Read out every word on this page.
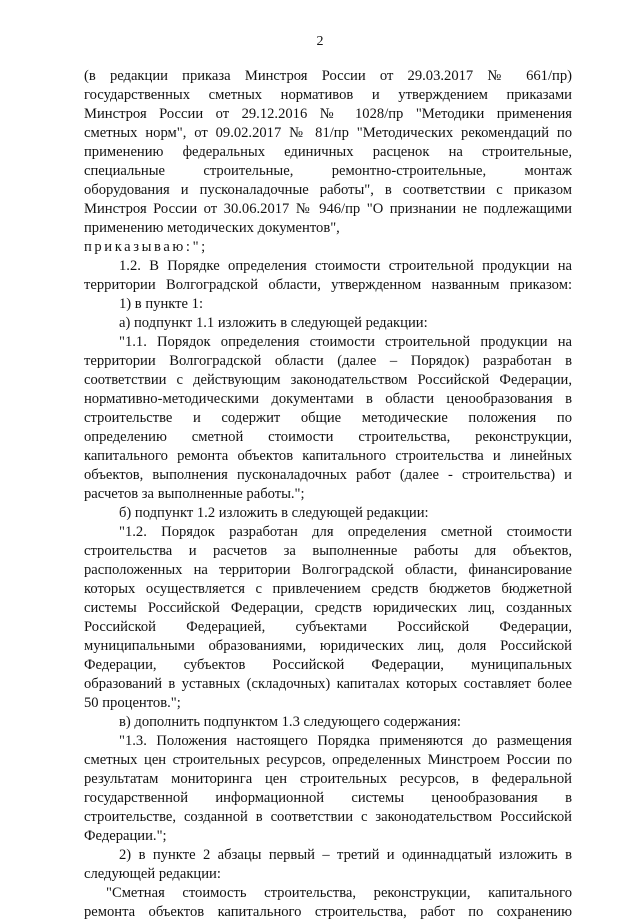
2
(в редакции приказа Минстроя России от 29.03.2017 № 661/пр)
государственных сметных нормативов и утверждением приказами
Минстроя России от 29.12.2016 № 1028/пр "Методики применения
сметных норм", от 09.02.2017 № 81/пр "Методических рекомендаций по
применению федеральных единичных расценок на строительные,
специальные строительные, ремонтно-строительные, монтаж
оборудования и пусконаладочные работы", в соответствии с приказом
Минстроя России от 30.06.2017 № 946/пр "О признании не подлежащими
применению методических документов",
приказываю:";
1.2. В Порядке определения стоимости строительной продукции на
территории Волгоградской области, утвержденном названным приказом:
1) в пункте 1:
а) подпункт 1.1 изложить в следующей редакции:
"1.1. Порядок определения стоимости строительной продукции на
территории Волгоградской области (далее – Порядок) разработан в
соответствии с действующим законодательством Российской Федерации,
нормативно-методическими документами в области ценообразования в
строительстве и содержит общие методические положения по
определению сметной стоимости строительства, реконструкции,
капитального ремонта объектов капитального строительства и линейных
объектов, выполнения пусконаладочных работ (далее - строительства) и
расчетов за выполненные работы.";
б) подпункт 1.2 изложить в следующей редакции:
"1.2. Порядок разработан для определения сметной стоимости
строительства и расчетов за выполненные работы для объектов,
расположенных на территории Волгоградской области, финансирование
которых осуществляется с привлечением средств бюджетов бюджетной
системы Российской Федерации, средств юридических лиц, созданных
Российской Федерацией, субъектами Российской Федерации,
муниципальными образованиями, юридических лиц, доля Российской
Федерации, субъектов Российской Федерации, муниципальных
образований в уставных (складочных) капиталах которых составляет более
50 процентов.";
в) дополнить подпунктом 1.3 следующего содержания:
"1.3. Положения настоящего Порядка применяются до размещения
сметных цен строительных ресурсов, определенных Минстроем России по
результатам мониторинга цен строительных ресурсов, в федеральной
государственной информационной системы ценообразования в
строительстве, созданной в соответствии с законодательством Российской
Федерации.";
2) в пункте 2 абзацы первый – третий и одиннадцатый изложить в
следующей редакции:
"Сметная стоимость строительства, реконструкции, капитального
ремонта объектов капитального строительства, работ по сохранению
